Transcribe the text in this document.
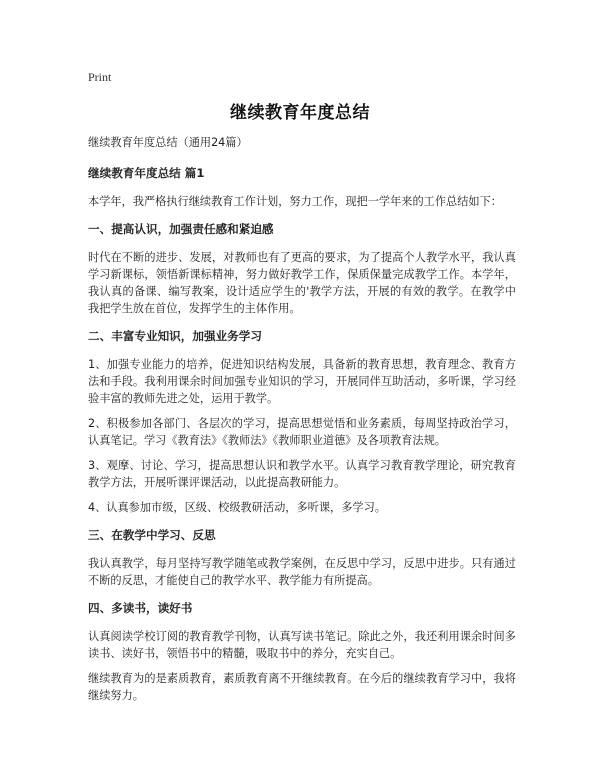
Print
继续教育年度总结
继续教育年度总结（通用24篇）
继续教育年度总结 篇1
本学年，我严格执行继续教育工作计划，努力工作，现把一学年来的工作总结如下：
一、提高认识，加强责任感和紧迫感
时代在不断的进步、发展，对教师也有了更高的要求，为了提高个人教学水平，我认真学习新课标，领悟新课标精神，努力做好教学工作，保质保量完成教学工作。本学年，我认真的备课、编写教案，设计适应学生的'教学方法，开展的有效的教学。在教学中我把学生放在首位，发挥学生的主体作用。
二、丰富专业知识，加强业务学习
1、加强专业能力的培养，促进知识结构发展，具备新的教育思想，教育理念、教育方法和手段。我利用课余时间加强专业知识的学习，开展同伴互助活动，多听课，学习经验丰富的教师先进之处，运用于教学。
2、积极参加各部门、各层次的学习，提高思想觉悟和业务素质，每周坚持政治学习，认真笔记。学习《教育法》《教师法》《教师职业道德》及各项教育法规。
3、观摩、讨论、学习，提高思想认识和教学水平。认真学习教育教学理论，研究教育教学方法，开展听课评课活动，以此提高教研能力。
4、认真参加市级，区级、校级教研活动，多听课，多学习。
三、在教学中学习、反思
我认真教学，每月坚持写教学随笔或教学案例，在反思中学习，反思中进步。只有通过不断的反思，才能使自己的教学水平、教学能力有所提高。
四、多读书，读好书
认真阅读学校订阅的教育教学刊物，认真写读书笔记。除此之外，我还利用课余时间多读书、读好书，领悟书中的精髓，吸取书中的养分，充实自己。
继续教育为的是素质教育，素质教育离不开继续教育。在今后的继续教育学习中，我将继续努力。
